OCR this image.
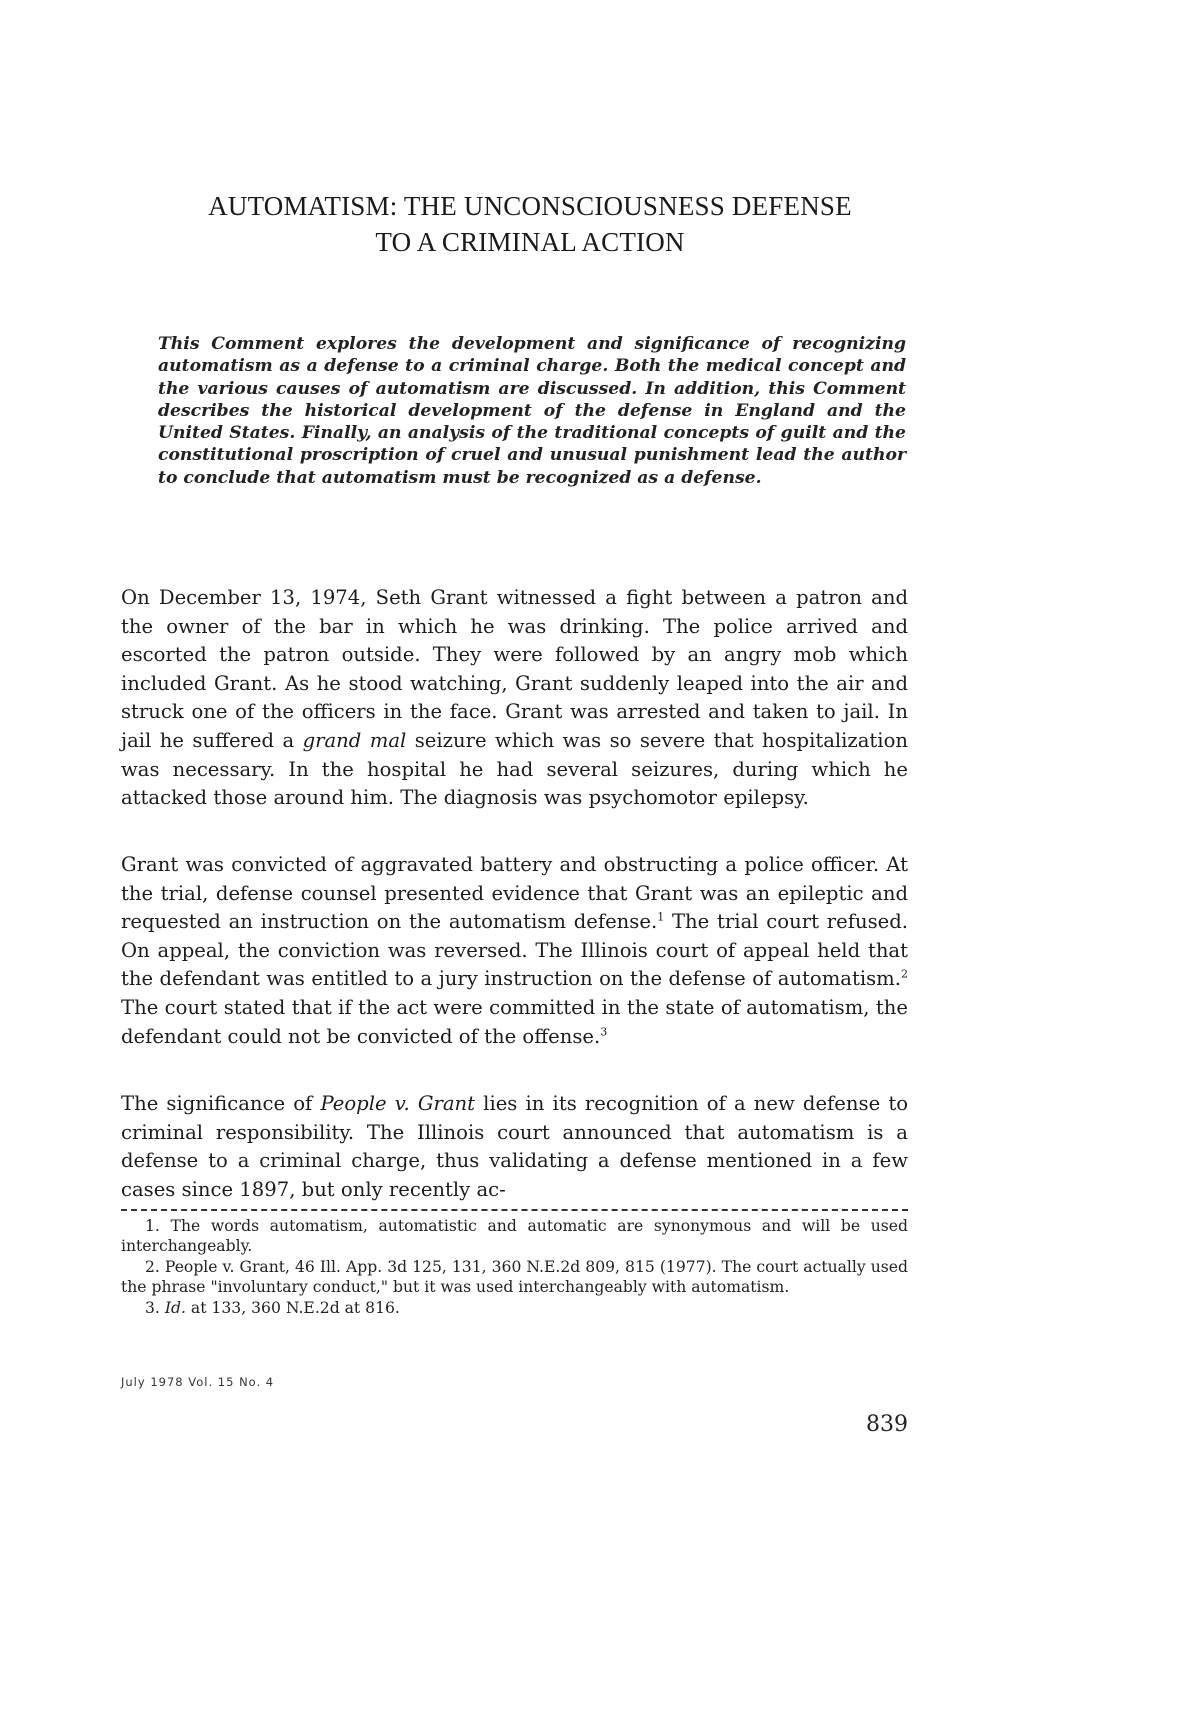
AUTOMATISM: THE UNCONSCIOUSNESS DEFENSE
TO A CRIMINAL ACTION
This Comment explores the development and significance of recognizing automatism as a defense to a criminal charge. Both the medical concept and the various causes of automatism are discussed. In addition, this Comment describes the historical development of the defense in England and the United States. Finally, an analysis of the traditional concepts of guilt and the constitutional proscription of cruel and unusual punishment lead the author to conclude that automatism must be recognized as a defense.
On December 13, 1974, Seth Grant witnessed a fight between a patron and the owner of the bar in which he was drinking. The police arrived and escorted the patron outside. They were followed by an angry mob which included Grant. As he stood watching, Grant suddenly leaped into the air and struck one of the officers in the face. Grant was arrested and taken to jail. In jail he suffered a grand mal seizure which was so severe that hospitalization was necessary. In the hospital he had several seizures, during which he attacked those around him. The diagnosis was psychomotor epilepsy.
Grant was convicted of aggravated battery and obstructing a police officer. At the trial, defense counsel presented evidence that Grant was an epileptic and requested an instruction on the automatism defense.$^1$ The trial court refused. On appeal, the conviction was reversed. The Illinois court of appeal held that the defendant was entitled to a jury instruction on the defense of automatism.$^2$ The court stated that if the act were committed in the state of automatism, the defendant could not be convicted of the offense.$^3$
The significance of People v. Grant lies in its recognition of a new defense to criminal responsibility. The Illinois court announced that automatism is a defense to a criminal charge, thus validating a defense mentioned in a few cases since 1897, but only recently ac-

1. The words automatism, automatistic and automatic are synonymous and will be used interchangeably.

2. People v. Grant, 46 Ill. App. 3d 125, 131, 360 N.E.2d 809, 815 (1977). The court actually used the phrase "involuntary conduct," but it was used interchangeably with automatism.

3. Id. at 133, 360 N.E.2d at 816.

July 1978 Vol. 15 No. 4
839
